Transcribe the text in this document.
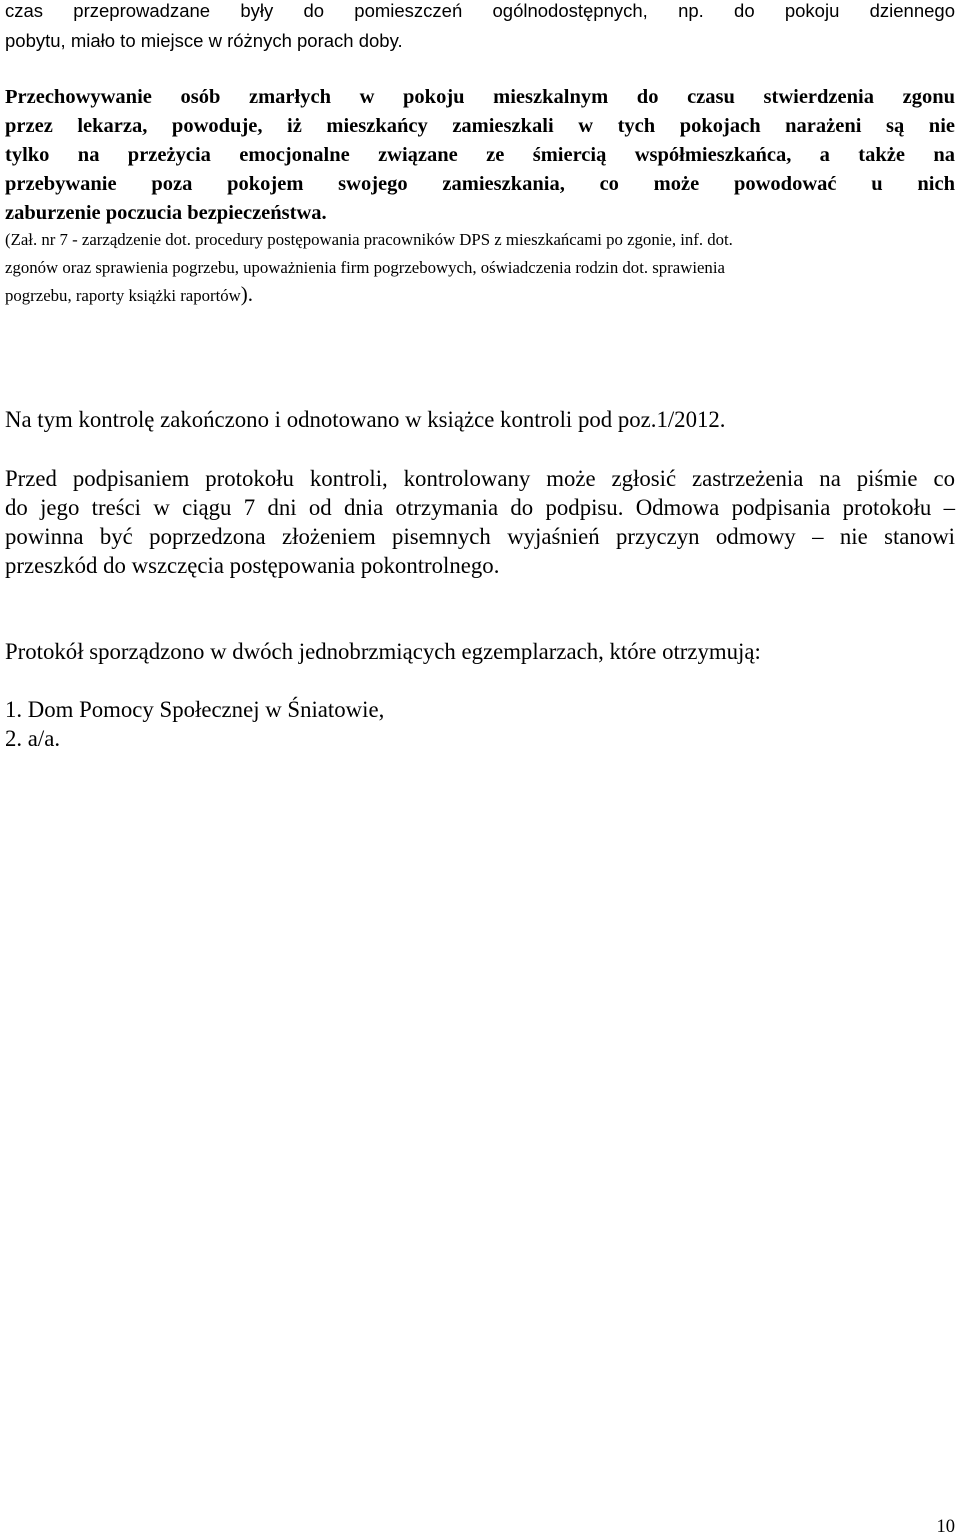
czas przeprowadzane były do pomieszczeń ogólnodostępnych, np. do pokoju dziennego
pobytu, miało to miejsce w różnych porach doby.
Przechowywanie osób zmarłych w pokoju mieszkalnym do czasu stwierdzenia zgonu
przez lekarza, powoduje, iż mieszkańcy zamieszkali w tych pokojach narażeni są nie
tylko na przeżycia emocjonalne związane ze śmiercią współmieszkańca, a także na
przebywanie poza pokojem swojego zamieszkania, co może powodować u nich
zaburzenie poczucia bezpieczeństwa.
(Zał. nr 7 - zarządzenie dot. procedury postępowania pracowników DPS z mieszkańcami po zgonie, inf. dot.
zgonów oraz sprawienia pogrzebu, upoważnienia firm pogrzebowych, oświadczenia rodzin dot. sprawienia
pogrzebu, raporty książki raportów).

Na tym kontrolę zakończono i odnotowano w książce kontroli pod poz.1/2012.

Przed podpisaniem protokołu kontroli, kontrolowany może zgłosić zastrzeżenia na piśmie co
do jego treści w ciągu 7 dni od dnia otrzymania do podpisu. Odmowa podpisania protokołu –
powinna być poprzedzona złożeniem pisemnych wyjaśnień przyczyn odmowy – nie stanowi
przeszkód do wszczęcia postępowania pokontrolnego.

Protokół sporządzono w dwóch jednobrzmiących egzemplarzach, które otrzymują:

1. Dom Pomocy Społecznej w Śniatowie,
2. a/a.

10
